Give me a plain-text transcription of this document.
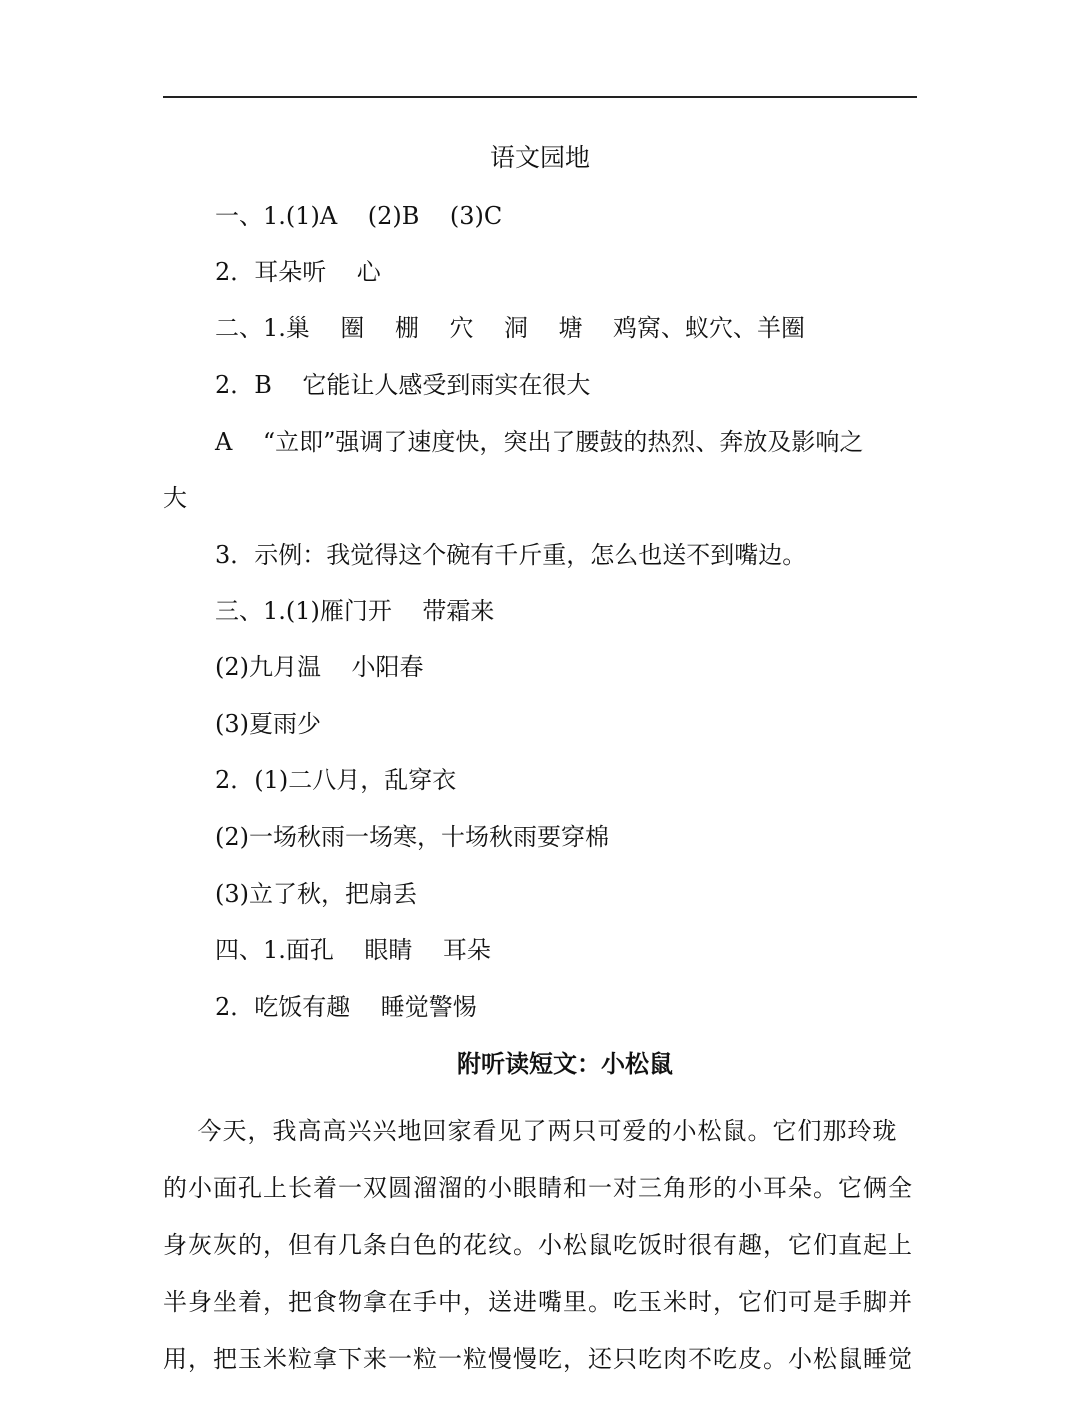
语文园地
一、1.(1)A    (2)B    (3)C
2．耳朵听    心
二、1.巢    圈    棚    穴    洞    塘    鸡窝、蚁穴、羊圈
2．B    它能让人感受到雨实在很大
A    “立即”强调了速度快，突出了腰鼓的热烈、奔放及影响之
大
3．示例：我觉得这个碗有千斤重，怎么也送不到嘴边。
三、1.(1)雁门开    带霜来
(2)九月温    小阳春
(3)夏雨少
2．(1)二八月，乱穿衣
(2)一场秋雨一场寒，十场秋雨要穿棉
(3)立了秋，把扇丢
四、1.面孔    眼睛    耳朵
2．吃饭有趣    睡觉警惕
附听读短文：小松鼠
今天，我高高兴兴地回家看见了两只可爱的小松鼠。它们那玲珑
的小面孔上长着一双圆溜溜的小眼睛和一对三角形的小耳朵。它俩全
身灰灰的，但有几条白色的花纹。小松鼠吃饭时很有趣，它们直起上
半身坐着，把食物拿在手中，送进嘴里。吃玉米时，它们可是手脚并
用，把玉米粒拿下来一粒一粒慢慢吃，还只吃肉不吃皮。小松鼠睡觉
